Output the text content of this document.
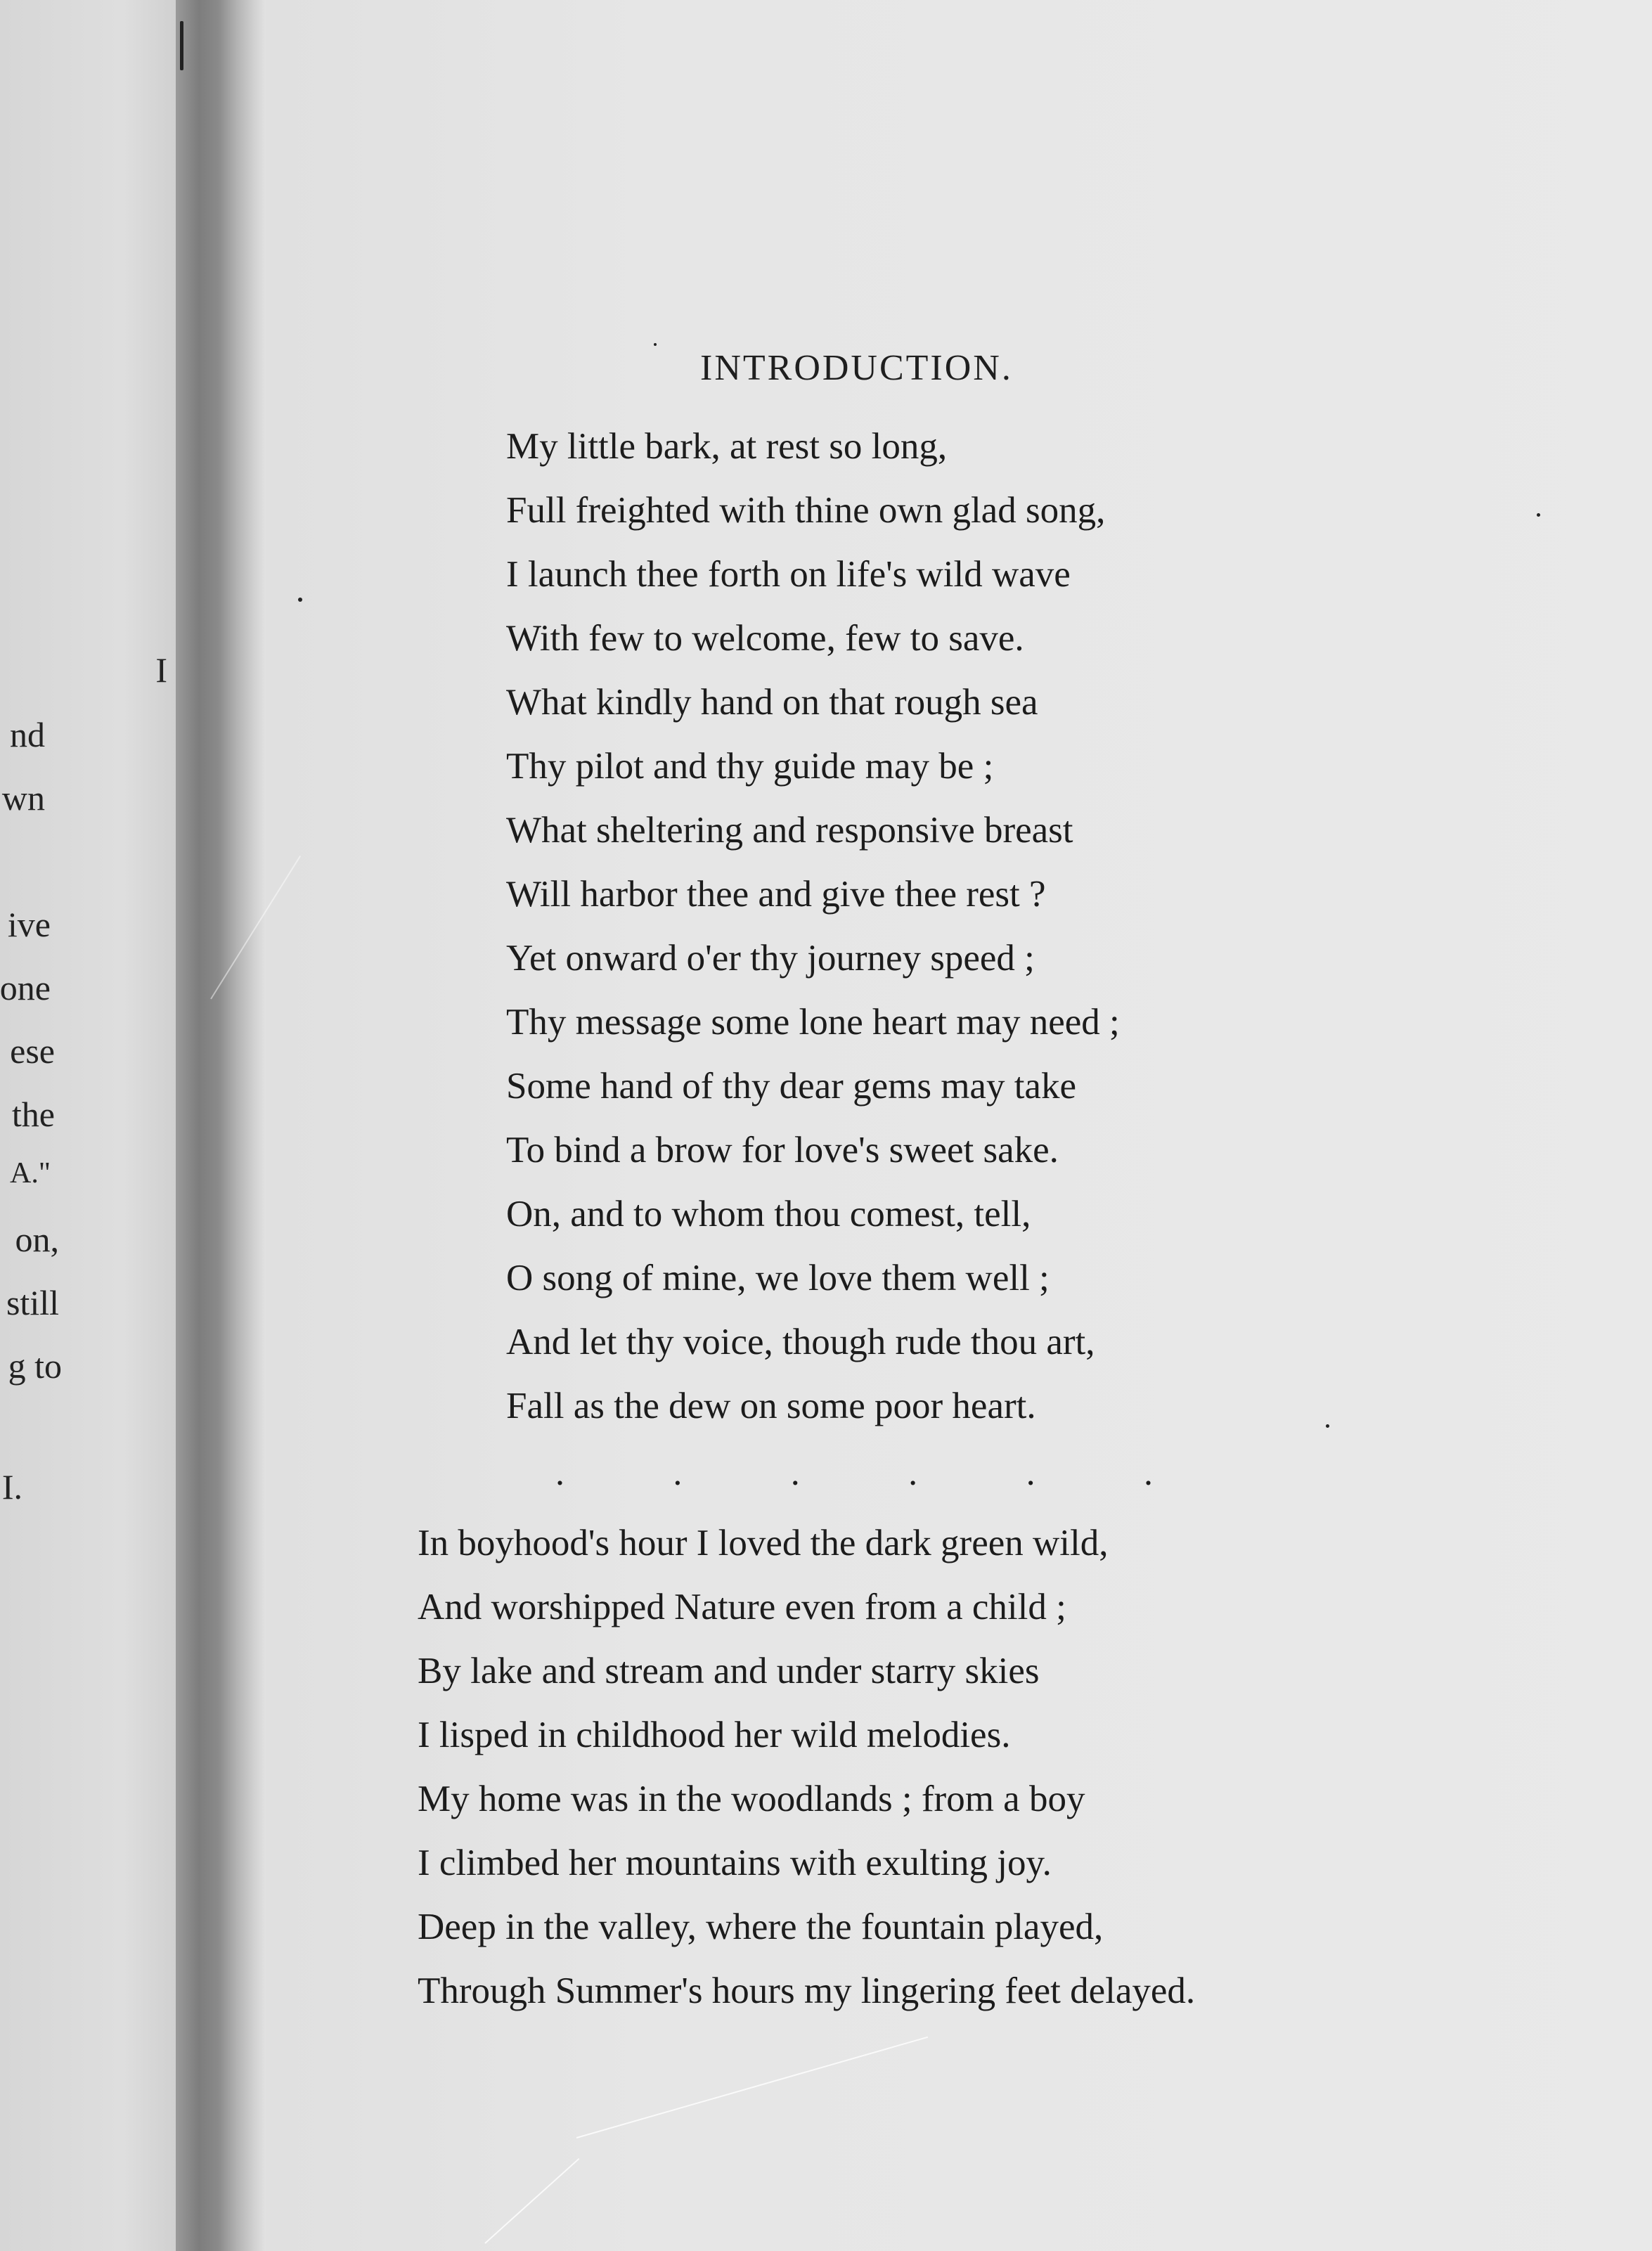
I
nd
wn
ive
one
ese
the
A."
on,
still
g to
I.
INTRODUCTION.
My little bark, at rest so long,
Full freighted with thine own glad song,
I launch thee forth on life's wild wave
With few to welcome, few to save.
What kindly hand on that rough sea
Thy pilot and thy guide may be ;
What sheltering and responsive breast
Will harbor thee and give thee rest ?
Yet onward o'er thy journey speed ;
Thy message some lone heart may need ;
Some hand of thy dear gems may take
To bind a brow for love's sweet sake.
On, and to whom thou comest, tell,
O song of mine, we love them well ;
And let thy voice, though rude thou art,
Fall as the dew on some poor heart.
.	.	.	.	.	.
In boyhood's hour I loved the dark green wild,
And worshipped Nature even from a child ;
By lake and stream and under starry skies
I lisped in childhood her wild melodies.
My home was in the woodlands ; from a boy
I climbed her mountains with exulting joy.
Deep in the valley, where the fountain played,
Through Summer's hours my lingering feet delayed.
